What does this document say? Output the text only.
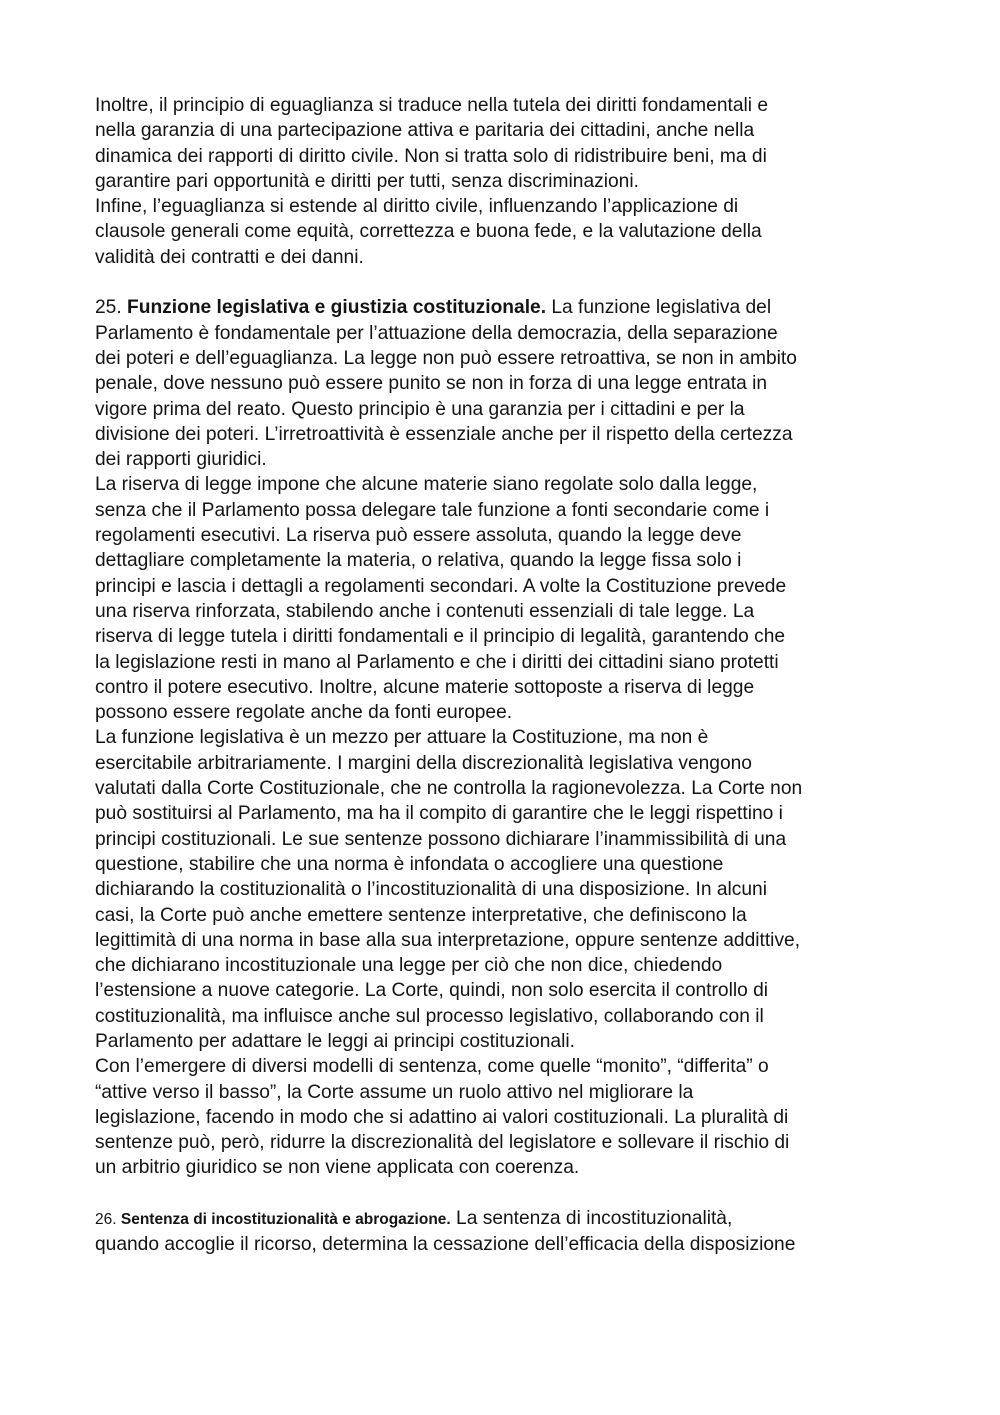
Inoltre, il principio di eguaglianza si traduce nella tutela dei diritti fondamentali e
nella garanzia di una partecipazione attiva e paritaria dei cittadini, anche nella
dinamica dei rapporti di diritto civile. Non si tratta solo di ridistribuire beni, ma di
garantire pari opportunità e diritti per tutti, senza discriminazioni.

Infine, l’eguaglianza si estende al diritto civile, influenzando l’applicazione di
clausole generali come equità, correttezza e buona fede, e la valutazione della
validità dei contratti e dei danni.

25. Funzione legislativa e giustizia costituzionale. La funzione legislativa del
Parlamento è fondamentale per l’attuazione della democrazia, della separazione
dei poteri e dell’eguaglianza. La legge non può essere retroattiva, se non in ambito
penale, dove nessuno può essere punito se non in forza di una legge entrata in
vigore prima del reato. Questo principio è una garanzia per i cittadini e per la
divisione dei poteri. L’irretroattività è essenziale anche per il rispetto della certezza
dei rapporti giuridici.

La riserva di legge impone che alcune materie siano regolate solo dalla legge,
senza che il Parlamento possa delegare tale funzione a fonti secondarie come i
regolamenti esecutivi. La riserva può essere assoluta, quando la legge deve
dettagliare completamente la materia, o relativa, quando la legge fissa solo i
principi e lascia i dettagli a regolamenti secondari. A volte la Costituzione prevede
una riserva rinforzata, stabilendo anche i contenuti essenziali di tale legge. La
riserva di legge tutela i diritti fondamentali e il principio di legalità, garantendo che
la legislazione resti in mano al Parlamento e che i diritti dei cittadini siano protetti
contro il potere esecutivo. Inoltre, alcune materie sottoposte a riserva di legge
possono essere regolate anche da fonti europee.

La funzione legislativa è un mezzo per attuare la Costituzione, ma non è
esercitabile arbitrariamente. I margini della discrezionalità legislativa vengono
valutati dalla Corte Costituzionale, che ne controlla la ragionevolezza. La Corte non
può sostituirsi al Parlamento, ma ha il compito di garantire che le leggi rispettino i
principi costituzionali. Le sue sentenze possono dichiarare l’inammissibilità di una
questione, stabilire che una norma è infondata o accogliere una questione
dichiarando la costituzionalità o l’incostituzionalità di una disposizione. In alcuni
casi, la Corte può anche emettere sentenze interpretative, che definiscono la
legittimità di una norma in base alla sua interpretazione, oppure sentenze addittive,
che dichiarano incostituzionale una legge per ciò che non dice, chiedendo
l’estensione a nuove categorie. La Corte, quindi, non solo esercita il controllo di
costituzionalità, ma influisce anche sul processo legislativo, collaborando con il
Parlamento per adattare le leggi ai principi costituzionali.

Con l’emergere di diversi modelli di sentenza, come quelle “monito”, “differita” o
“attive verso il basso”, la Corte assume un ruolo attivo nel migliorare la
legislazione, facendo in modo che si adattino ai valori costituzionali. La pluralità di
sentenze può, però, ridurre la discrezionalità del legislatore e sollevare il rischio di
un arbitrio giuridico se non viene applicata con coerenza.

26. Sentenza di incostituzionalità e abrogazione. La sentenza di incostituzionalità,
quando accoglie il ricorso, determina la cessazione dell’efficacia della disposizione
